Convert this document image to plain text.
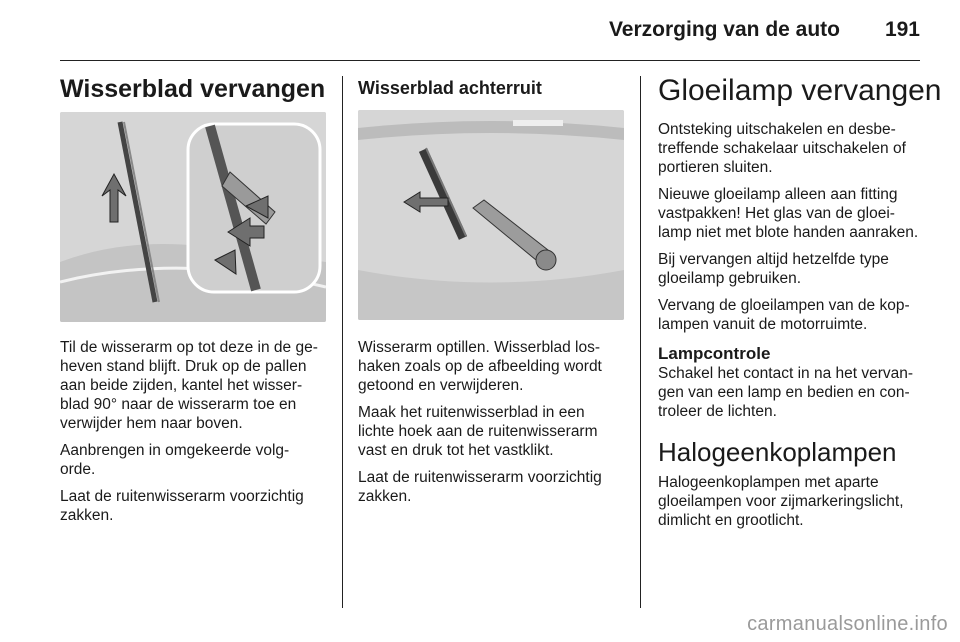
Verzorging van de auto 191
Wisserblad vervangen

Til de wisserarm op tot deze in de ge-
heven stand blijft. Druk op de pallen
aan beide zijden, kantel het wisser-
blad 90° naar de wisserarm toe en
verwijder hem naar boven.

Aanbrengen in omgekeerde volg-
orde.

Laat de ruitenwisserarm voorzichtig
zakken.

Wisserblad achterruit

Wisserarm optillen. Wisserblad los-
haken zoals op de afbeelding wordt
getoond en verwijderen.

Maak het ruitenwisserblad in een
lichte hoek aan de ruitenwisserarm
vast en druk tot het vastklikt.

Laat de ruitenwisserarm voorzichtig
zakken.

Gloeilamp vervangen

Ontsteking uitschakelen en desbe-
treffende schakelaar uitschakelen of
portieren sluiten.

Nieuwe gloeilamp alleen aan fitting
vastpakken! Het glas van de gloei-
lamp niet met blote handen aanraken.

Bij vervangen altijd hetzelfde type
gloeilamp gebruiken.

Vervang de gloeilampen van de kop-
lampen vanuit de motorruimte.

Lampcontrole

Schakel het contact in na het vervan-
gen van een lamp en bedien en con-
troleer de lichten.

Halogeenkoplampen

Halogeenkoplampen met aparte
gloeilampen voor zijmarkeringslicht,
dimlicht en grootlicht.

carmanualsonline.info
